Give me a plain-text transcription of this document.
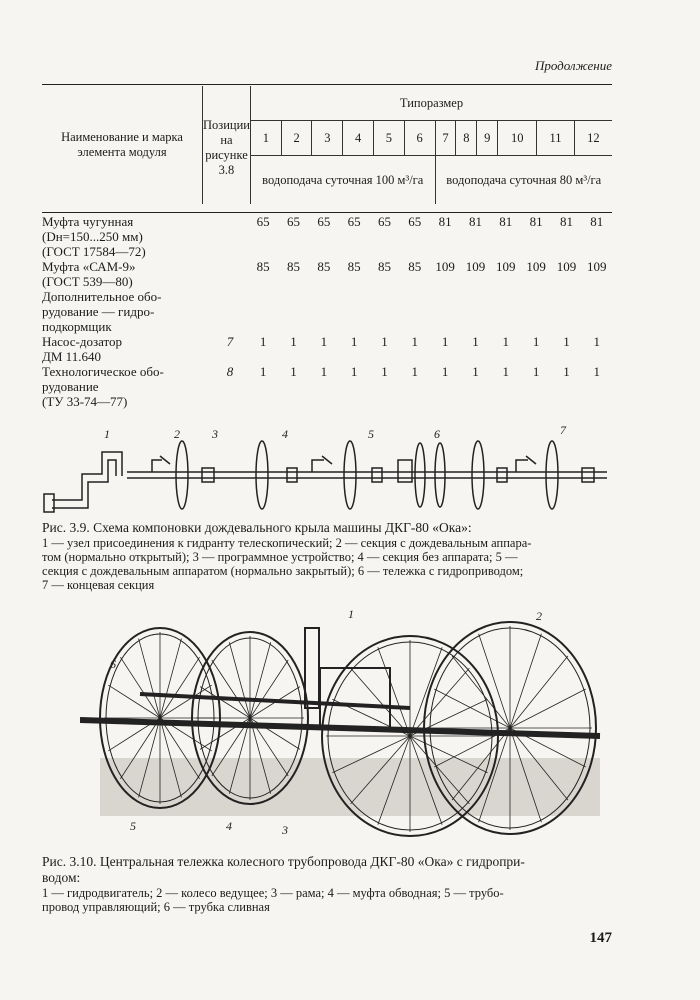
Продолжение
Наименование и марка элемента модуля	Позиции на рисунке 3.8	Типоразмер											
		1	2	3	4	5	6	7	8	9	10	11	12
		водоподача суточная 100 м³/га						водоподача суточная 80 м³/га					
Муфта чугунная
(Dн=150...250 мм)
(ГОСТ 17584—72)
65	65	65	65	65	65	81	81	81	81	81	81
Муфта «САМ-9»
(ГОСТ 539—80)
85	85	85	85	85	85	109 109 109 109 109 109
Дополнительное обо-
рудование — гидро-
подкормщик
Насос-дозатор
ДМ 11.640
7	1	1	1	1	1	1	1	1	1	1	1	1
Технологическое обо-
рудование
(ТУ 33-74—77)
8	1	1	1	1	1	1	1	1	1	1	1	1
1	2	3	4	5	6	7
Рис. 3.9. Схема компоновки дождевального крыла машины ДКГ-80 «Ока»:
1 — узел присоединения к гидранту телескопический; 2 — секция с дождевальным аппара-
том (нормально открытый); 3 — программное устройство; 4 — секция без аппарата; 5 —
секция с дождевальным аппаратом (нормально закрытый); 6 — тележка с гидроприводом;
7 — концевая секция
1	2
3
4
5
6
Рис. 3.10. Центральная тележка колесного трубопровода ДКГ-80 «Ока» с гидропри-
водом:
1 — гидродвигатель; 2 — колесо ведущее; 3 — рама; 4 — муфта обводная; 5 — трубо-
провод управляющий; 6 — трубка сливная
147
